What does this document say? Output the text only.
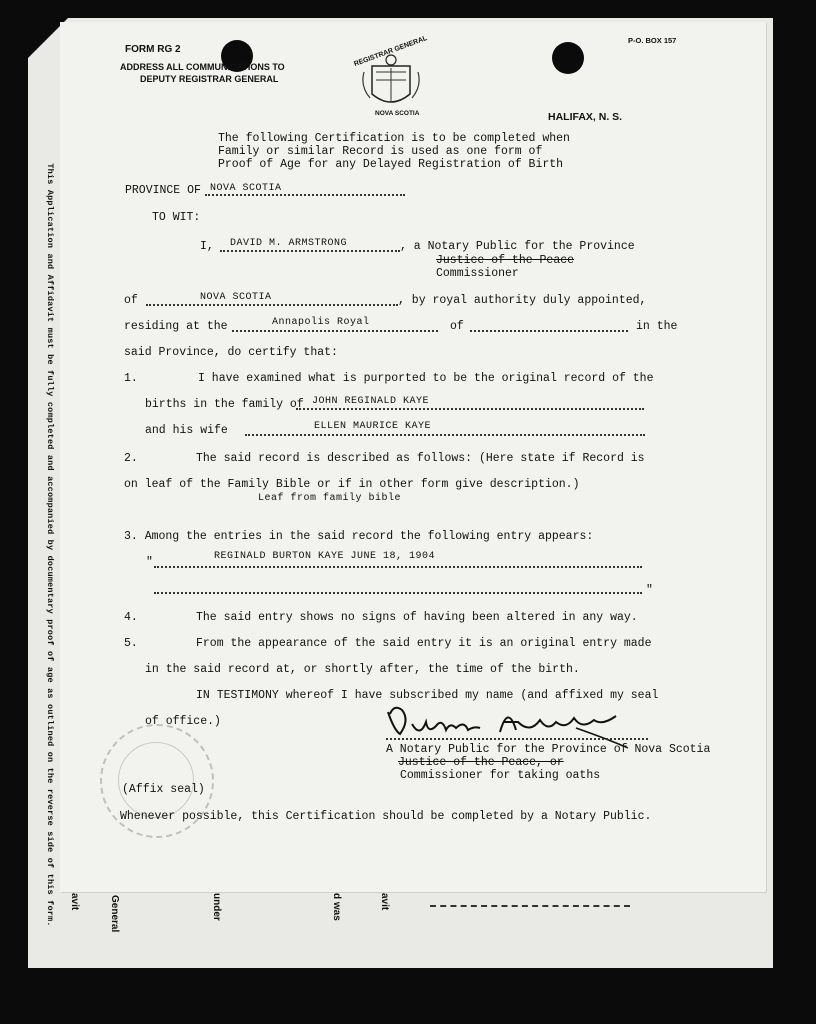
This Application and Affidavit must be fully completed and accompanied by documentary proof of age as outlined on the reverse side of this form.	General	under	d was	avit
avit
FORM RG 2
P-O. BOX 157
ADDRESS ALL COMMUNICATIONS TO
DEPUTY REGISTRAR GENERAL
REGISTRAR GENERAL
NOVA SCOTIA	HALIFAX, N. S.
The following Certification is to be completed when
Family or similar Record is used as one form of
Proof of Age for any Delayed Registration of Birth
PROVINCE OF NOVA SCOTIA
TO WIT:
I, DAVID M. ARMSTRONG	, a Notary Public for the Province
Justice of the Peace
Commissioner
of	NOVA SCOTIA	, by royal authority duly appointed,
residing at the	Annapolis Royal	of	in the
said Province, do certify that:
1.	I have examined what is purported to be the original record of the
births in the family of JOHN REGINALD KAYE
and his wife	ELLEN MAURICE KAYE
2.	The said record is described as follows: (Here state if Record is
on leaf of the Family Bible or if in other form give description.)
Leaf from family bible
3. Among the entries in the said record the following entry appears:
"	REGINALD BURTON KAYE JUNE 18, 1904
"
4.	The said entry shows no signs of having been altered in any way.
5.	From the appearance of the said entry it is an original entry made
in the said record at, or shortly after, the time of the birth.
IN TESTIMONY whereof I have subscribed my name (and affixed my seal
of office.)
A Notary Public for the Province of Nova Scotia
Justice of the Peace, or
Commissioner for taking oaths
(Affix seal)
Whenever possible, this Certification should be completed by a Notary Public.
